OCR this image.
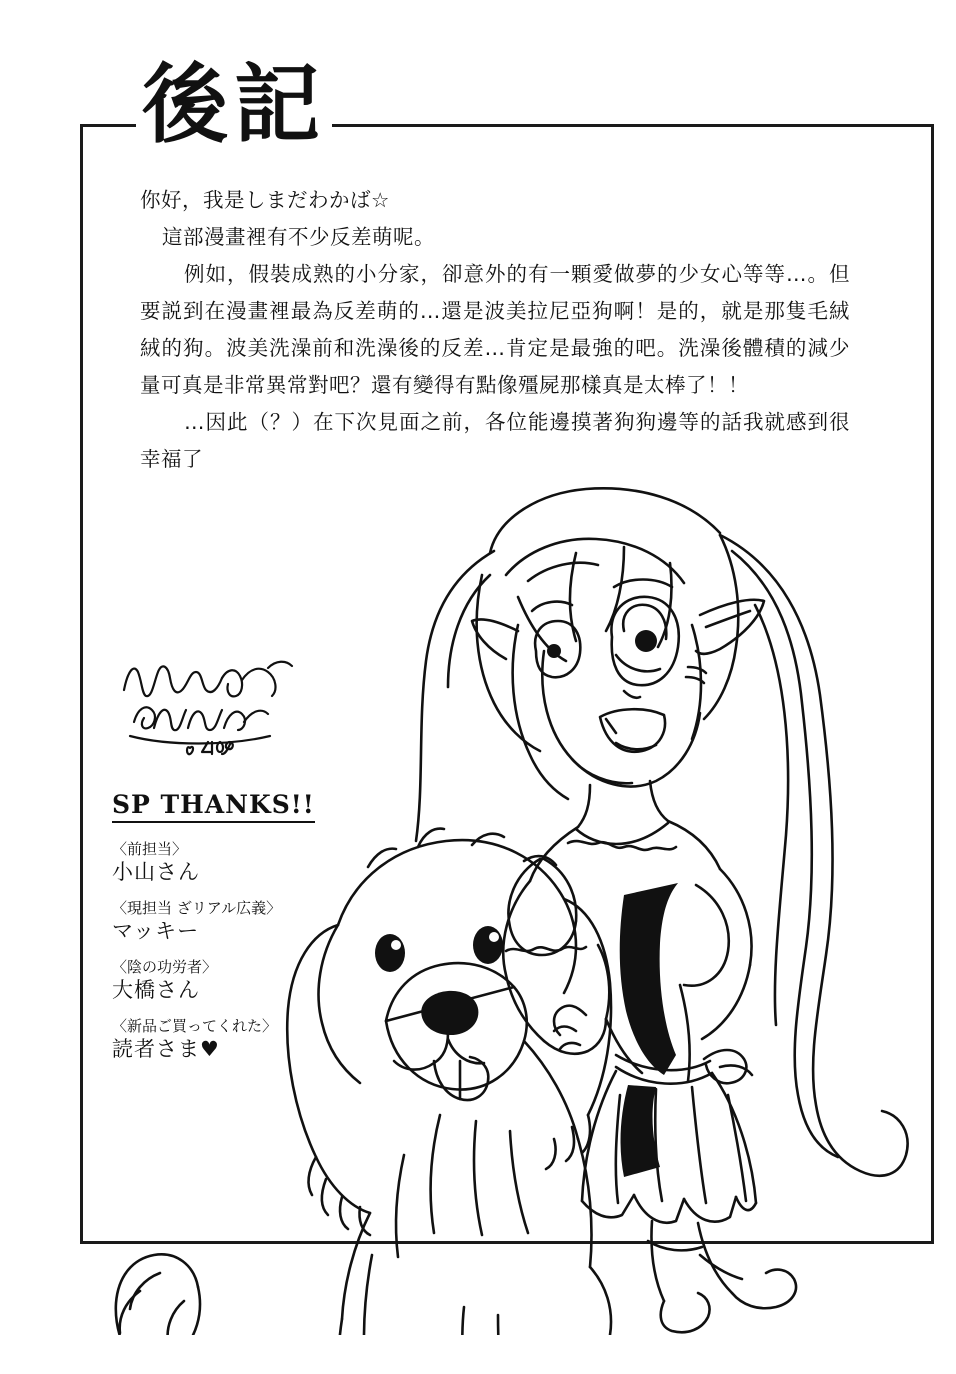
後記

你好，我是しまだわかば☆

這部漫畫裡有不少反差萌呢。

例如，假裝成熟的小分家，卻意外的有一顆愛做夢的少女心等等…。但要説到在漫畫裡最為反差萌的…還是波美拉尼亞狗啊！是的，就是那隻毛絨絨的狗。波美洗澡前和洗澡後的反差…肯定是最強的吧。洗澡後體積的減少量可真是非常異常對吧？還有變得有點像殭屍那樣真是太棒了！！

…因此（？）在下次見面之前，各位能邊摸著狗狗邊等的話我就感到很幸福了

SP THANKS!!
〈前担当〉
小山さん
〈現担当 ざリアル広義〉
マッキー
〈陰の功労者〉
大橋さん
〈新品ご買ってくれた〉
読者さま♥
